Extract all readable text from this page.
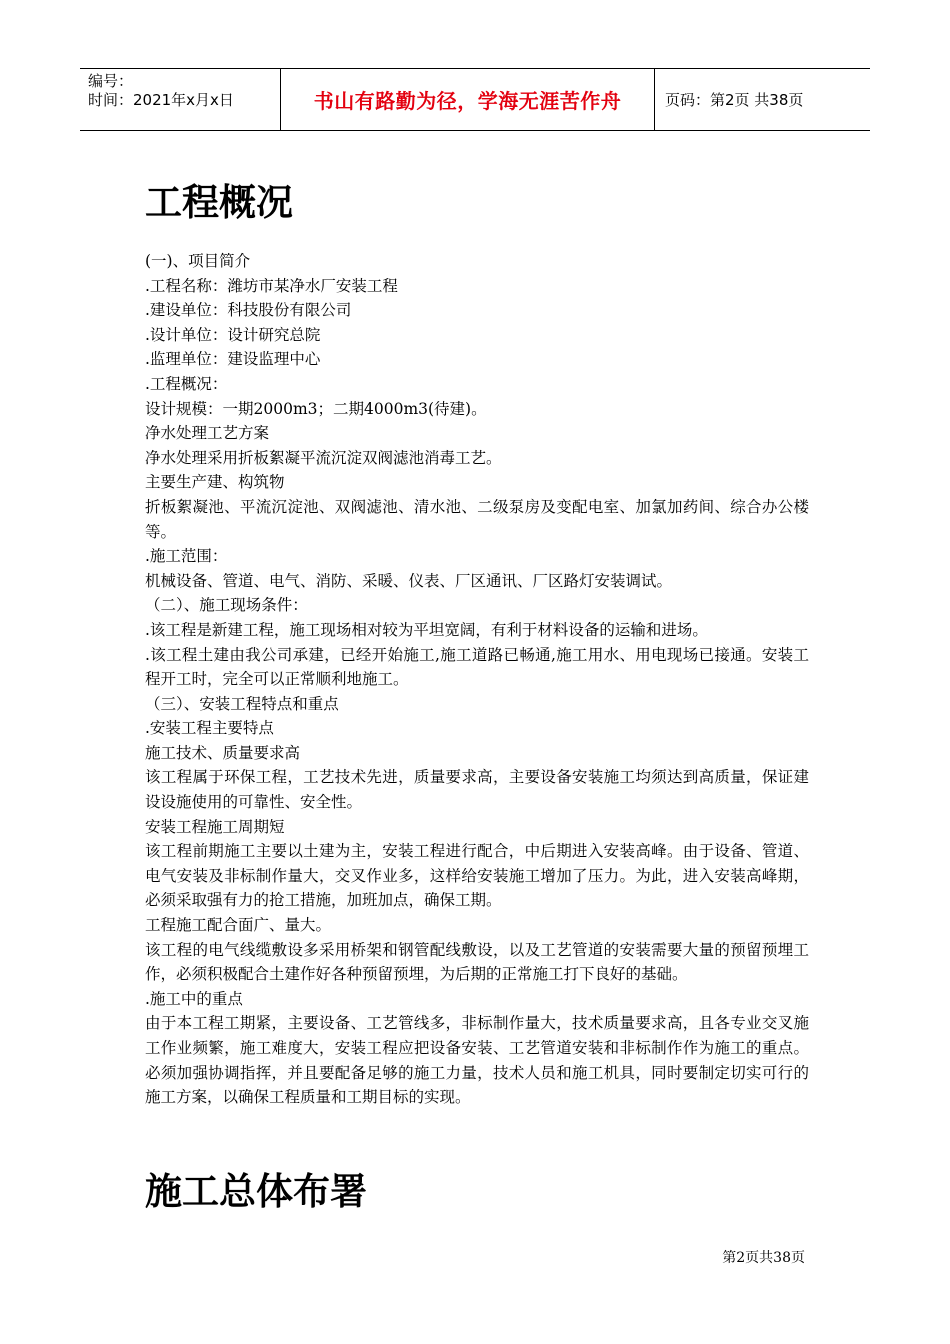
编号：
时间：2021年x月x日	书山有路勤为径，学海无涯苦作舟	页码：第2页 共38页
工程概况
(一)、项目简介
.工程名称：潍坊市某净水厂安装工程
.建设单位：科技股份有限公司
.设计单位：设计研究总院
.监理单位：建设监理中心
.工程概况：
设计规模：一期2000m3；二期4000m3(待建)。
净水处理工艺方案
净水处理采用折板絮凝平流沉淀双阀滤池消毒工艺。
主要生产建、构筑物
折板絮凝池、平流沉淀池、双阀滤池、清水池、二级泵房及变配电室、加氯加药间、综合办公楼等。
.施工范围：
机械设备、管道、电气、消防、采暖、仪表、厂区通讯、厂区路灯安装调试。
（二）、施工现场条件：
.该工程是新建工程，施工现场相对较为平坦宽阔，有利于材料设备的运输和进场。
.该工程土建由我公司承建，已经开始施工,施工道路已畅通,施工用水、用电现场已接通。安装工程开工时，完全可以正常顺利地施工。
（三）、安装工程特点和重点
.安装工程主要特点
施工技术、质量要求高
该工程属于环保工程，工艺技术先进，质量要求高，主要设备安装施工均须达到高质量，保证建设设施使用的可靠性、安全性。
安装工程施工周期短
该工程前期施工主要以土建为主，安装工程进行配合，中后期进入安装高峰。由于设备、管道、电气安装及非标制作量大，交叉作业多，这样给安装施工增加了压力。为此，进入安装高峰期，必须采取强有力的抢工措施，加班加点，确保工期。
工程施工配合面广、量大。
该工程的电气线缆敷设多采用桥架和钢管配线敷设，以及工艺管道的安装需要大量的预留预埋工作，必须积极配合土建作好各种预留预埋，为后期的正常施工打下良好的基础。
.施工中的重点
由于本工程工期紧，主要设备、工艺管线多，非标制作量大，技术质量要求高，且各专业交叉施工作业频繁，施工难度大，安装工程应把设备安装、工艺管道安装和非标制作作为施工的重点。必须加强协调指挥，并且要配备足够的施工力量，技术人员和施工机具，同时要制定切实可行的施工方案，以确保工程质量和工期目标的实现。
施工总体布署
第2页共38页
